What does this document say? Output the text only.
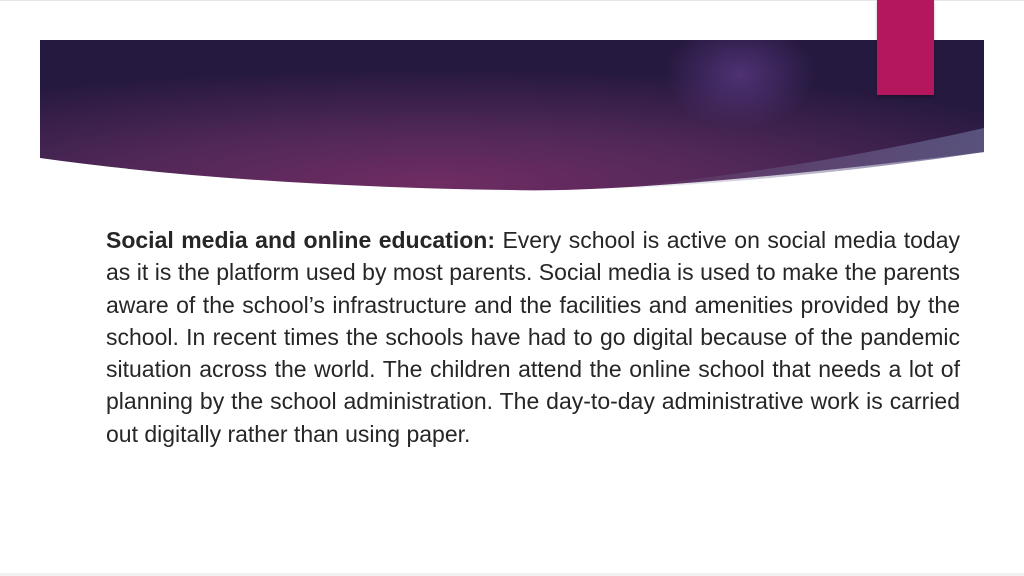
Social media and online education: Every school is active on social media today as it is the platform used by most parents. Social media is used to make the parents aware of the school’s infrastructure and the facilities and amenities provided by the school. In recent times the schools have had to go digital because of the pandemic situation across the world. The children attend the online school that needs a lot of planning by the school administration. The day-to-day administrative work is carried out digitally rather than using paper.
